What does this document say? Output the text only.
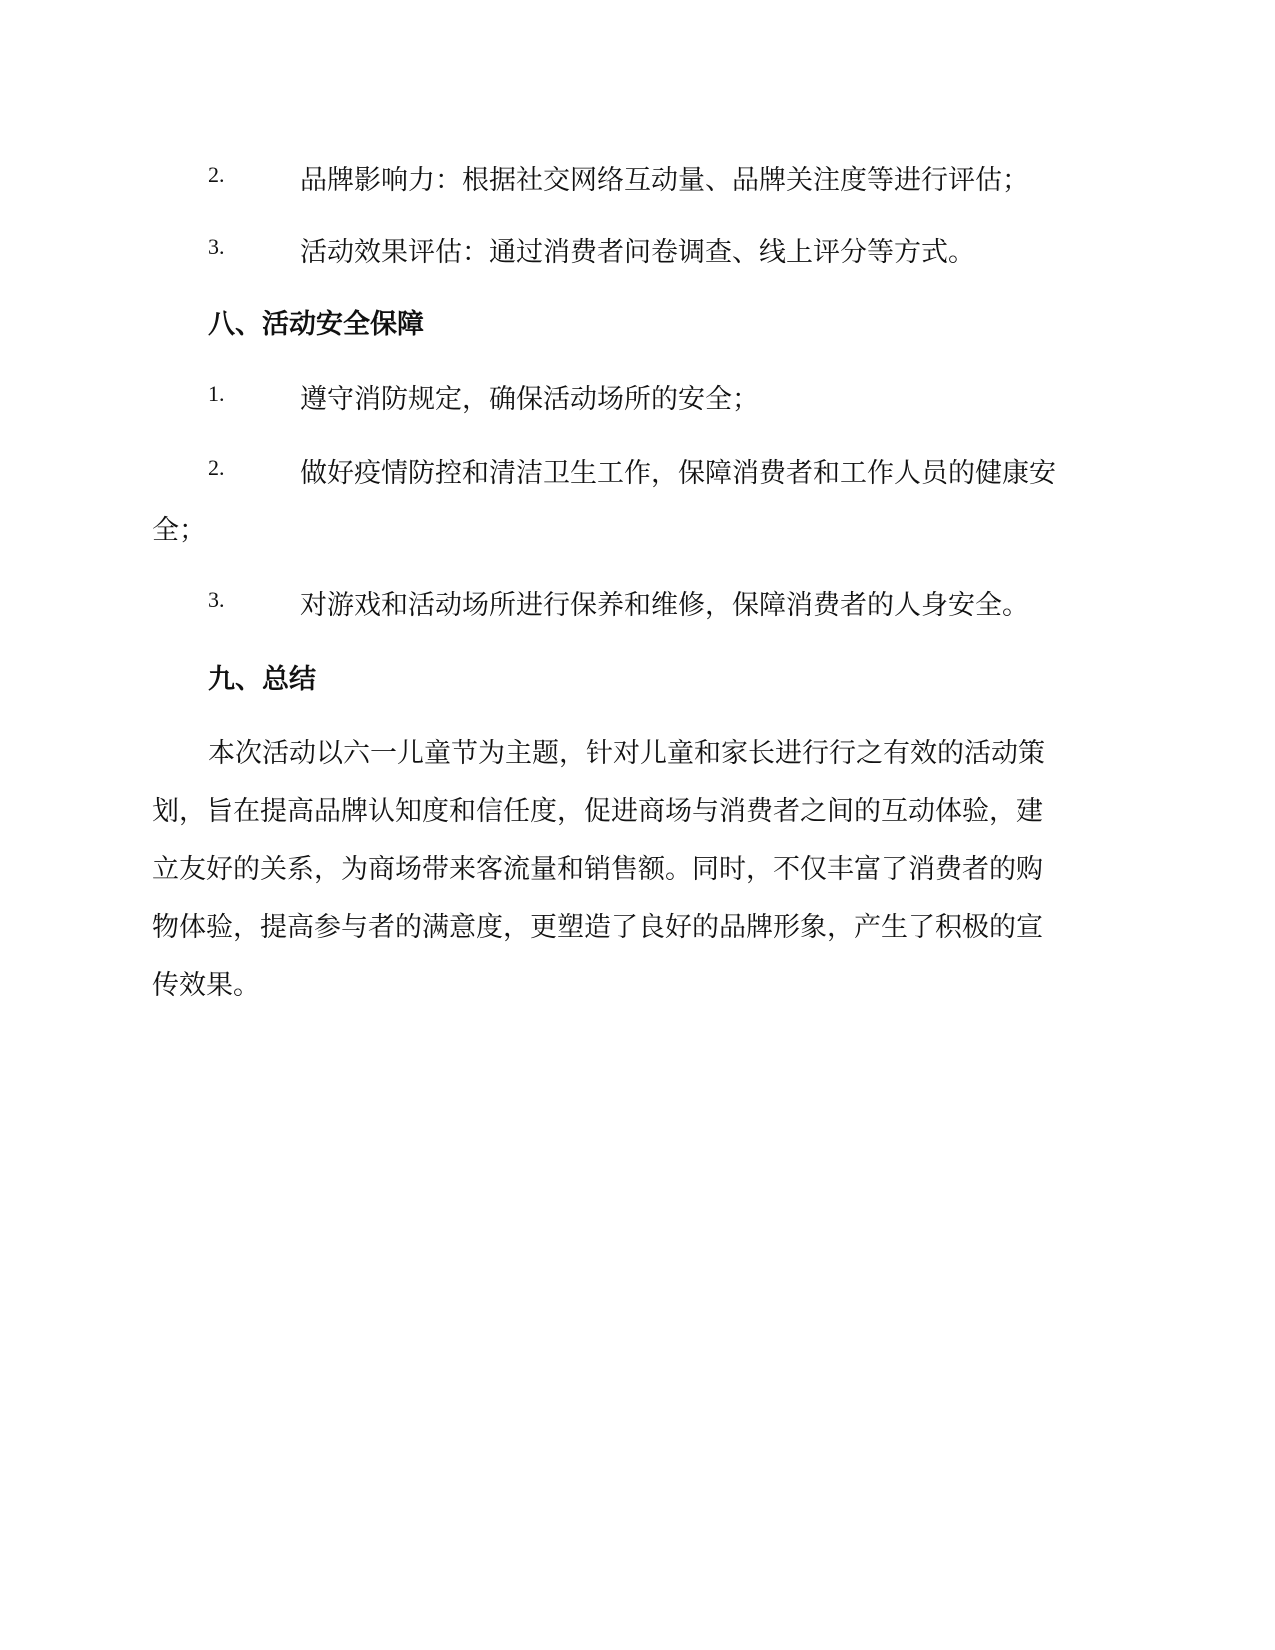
2.	品牌影响力：根据社交网络互动量、品牌关注度等进行评估；
3.	活动效果评估：通过消费者问卷调查、线上评分等方式。
八、活动安全保障
1.	遵守消防规定，确保活动场所的安全；
2.	做好疫情防控和清洁卫生工作，保障消费者和工作人员的健康安
全；
3.	对游戏和活动场所进行保养和维修，保障消费者的人身安全。
九、总结
本次活动以六一儿童节为主题，针对儿童和家长进行行之有效的活动策
划，旨在提高品牌认知度和信任度，促进商场与消费者之间的互动体验，建
立友好的关系，为商场带来客流量和销售额。同时，不仅丰富了消费者的购
物体验，提高参与者的满意度，更塑造了良好的品牌形象，产生了积极的宣
传效果。
